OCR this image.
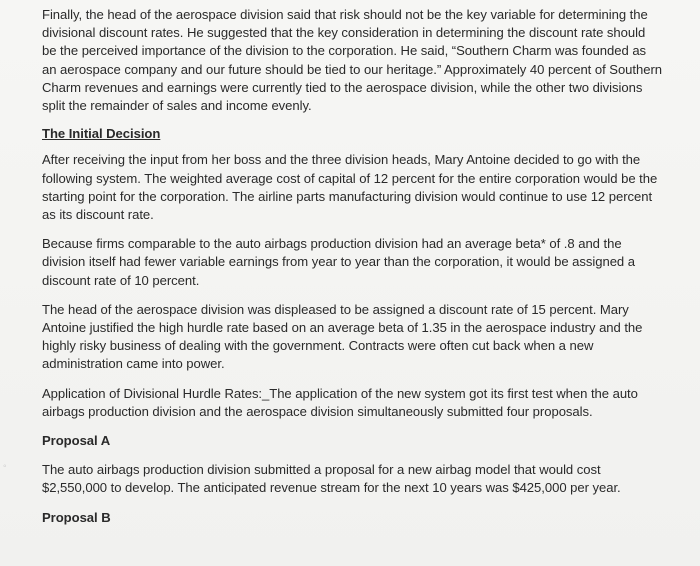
◦

Finally, the head of the aerospace division said that risk should not be the key variable for determining the divisional discount rates. He suggested that the key consideration in determining the discount rate should be the perceived importance of the division to the corporation. He said, “Southern Charm was founded as an aerospace company and our future should be tied to our heritage.” Approximately 40 percent of Southern Charm revenues and earnings were currently tied to the aerospace division, while the other two divisions split the remainder of sales and income evenly.

The Initial Decision

After receiving the input from her boss and the three division heads, Mary Antoine decided to go with the following system. The weighted average cost of capital of 12 percent for the entire corporation would be the starting point for the corporation. The airline parts manufacturing division would continue to use 12 percent as its discount rate.

Because firms comparable to the auto airbags production division had an average beta* of .8 and the division itself had fewer variable earnings from year to year than the corporation, it would be assigned a discount rate of 10 percent.

The head of the aerospace division was displeased to be assigned a discount rate of 15 percent. Mary Antoine justified the high hurdle rate based on an average beta of 1.35 in the aerospace industry and the highly risky business of dealing with the government. Contracts were often cut back when a new administration came into power.

Application of Divisional Hurdle Rates:_The application of the new system got its first test when the auto airbags production division and the aerospace division simultaneously submitted four proposals.

Proposal A

The auto airbags production division submitted a proposal for a new airbag model that would cost $2,550,000 to develop. The anticipated revenue stream for the next 10 years was $425,000 per year.

Proposal B
